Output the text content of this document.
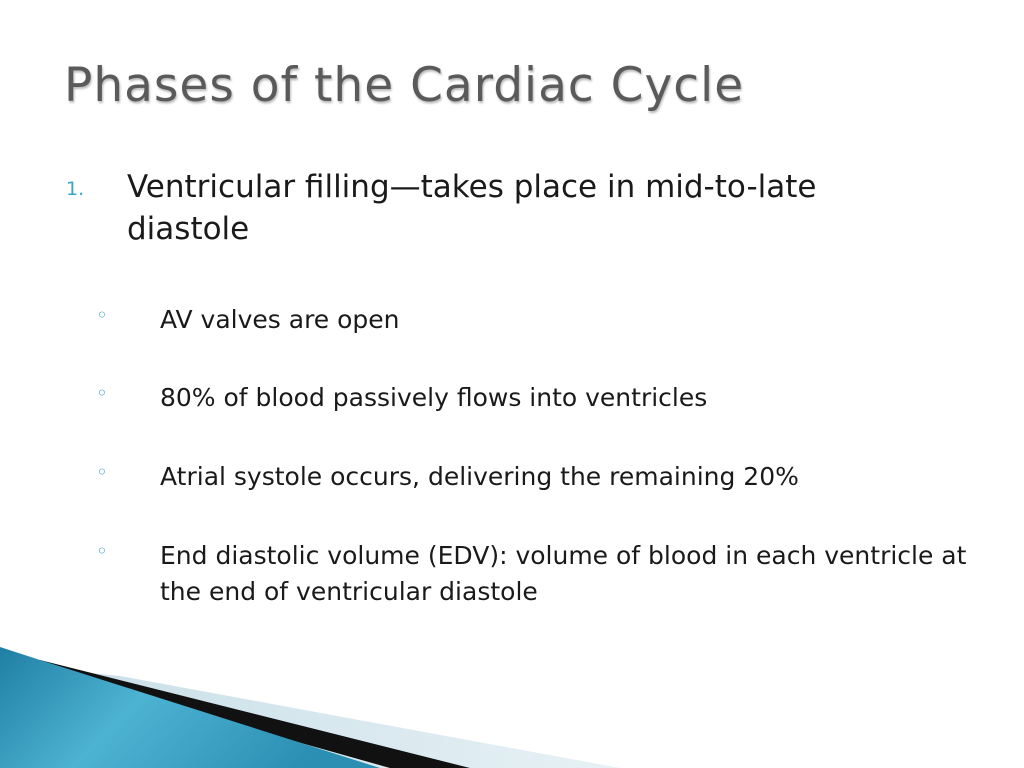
Phases of the Cardiac Cycle
1. Ventricular filling—takes place in mid-to-late diastole
◦ AV valves are open
◦ 80% of blood passively flows into ventricles
◦ Atrial systole occurs, delivering the remaining 20%
◦ End diastolic volume (EDV): volume of blood in each ventricle at the end of ventricular diastole
